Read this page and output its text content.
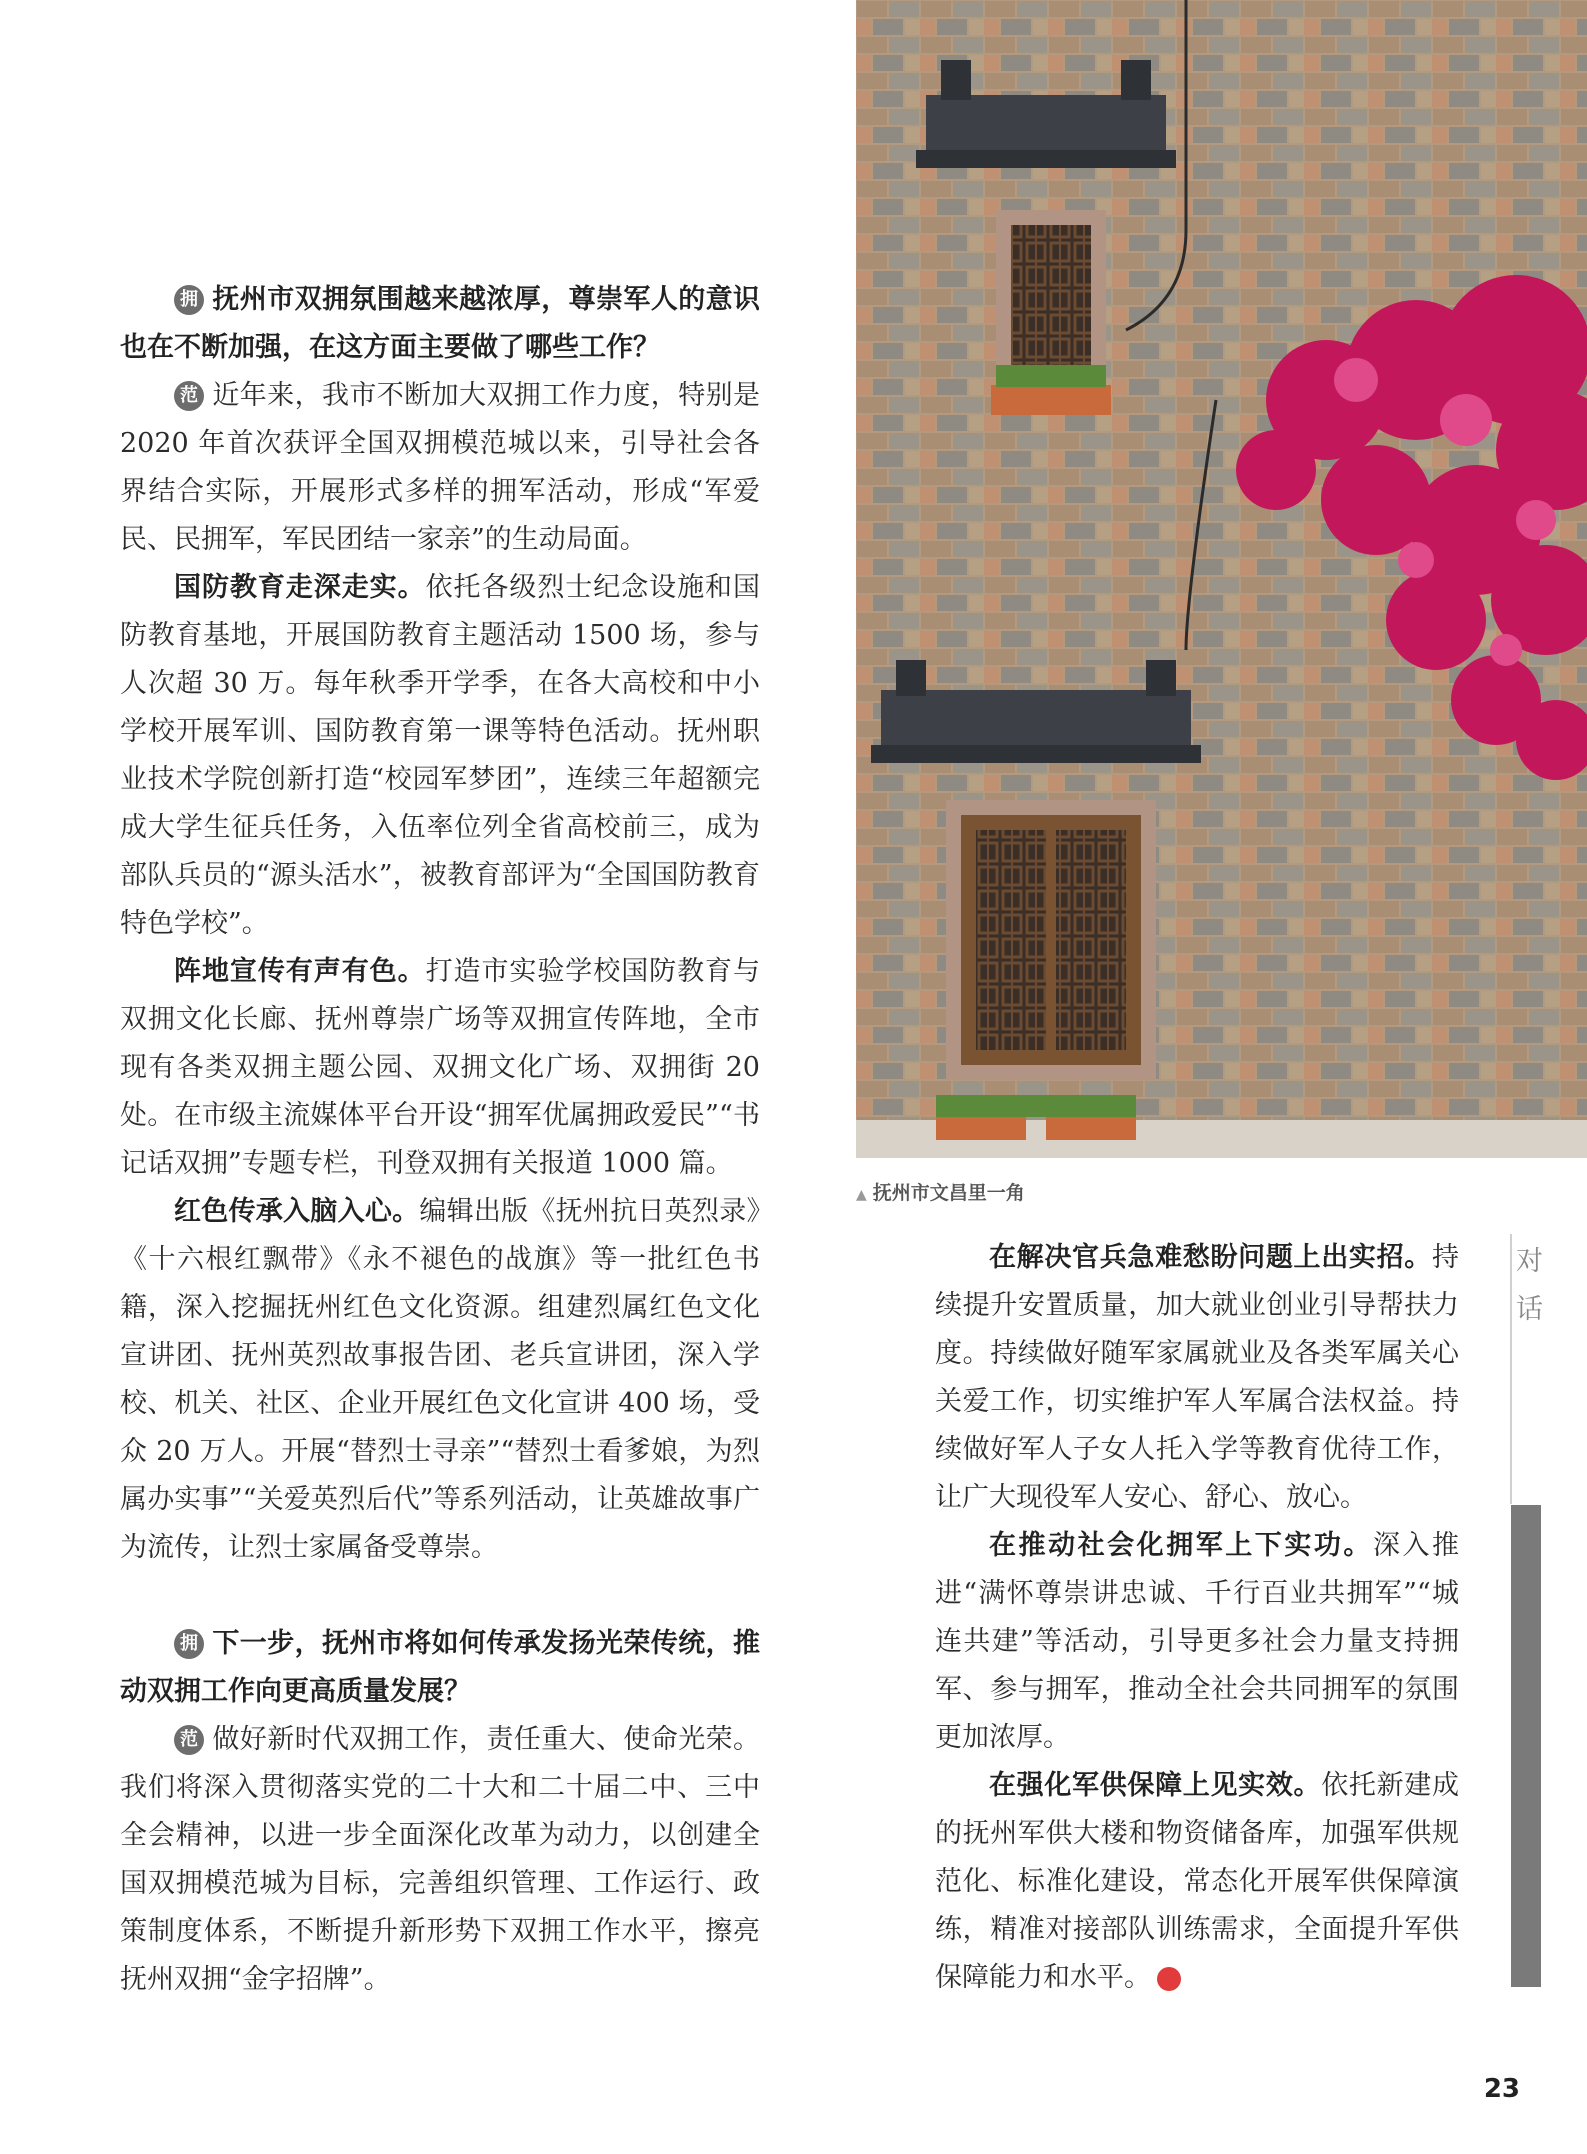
拥 抚州市双拥氛围越来越浓厚，尊崇军人的意识也在不断加强，在这方面主要做了哪些工作？

范 近年来，我市不断加大双拥工作力度，特别是2020 年首次获评全国双拥模范城以来，引导社会各界结合实际，开展形式多样的拥军活动，形成“军爱民、民拥军，军民团结一家亲”的生动局面。

国防教育走深走实。依托各级烈士纪念设施和国防教育基地，开展国防教育主题活动 1500 场，参与人次超 30 万。每年秋季开学季，在各大高校和中小学校开展军训、国防教育第一课等特色活动。抚州职业技术学院创新打造“校园军梦团”，连续三年超额完成大学生征兵任务，入伍率位列全省高校前三，成为部队兵员的“源头活水”，被教育部评为“全国国防教育特色学校”。

阵地宣传有声有色。打造市实验学校国防教育与双拥文化长廊、抚州尊崇广场等双拥宣传阵地，全市现有各类双拥主题公园、双拥文化广场、双拥街 20 处。在市级主流媒体平台开设“拥军优属拥政爱民”“书记话双拥”专题专栏，刊登双拥有关报道 1000 篇。

红色传承入脑入心。编辑出版《抚州抗日英烈录》《十六根红飘带》《永不褪色的战旗》等一批红色书籍，深入挖掘抚州红色文化资源。组建烈属红色文化宣讲团、抚州英烈故事报告团、老兵宣讲团，深入学校、机关、社区、企业开展红色文化宣讲 400 场，受众 20 万人。开展“替烈士寻亲”“替烈士看爹娘，为烈属办实事”“关爱英烈后代”等系列活动，让英雄故事广为流传，让烈士家属备受尊崇。

拥 下一步，抚州市将如何传承发扬光荣传统，推动双拥工作向更高质量发展？

范 做好新时代双拥工作，责任重大、使命光荣。我们将深入贯彻落实党的二十大和二十届二中、三中全会精神，以进一步全面深化改革为动力，以创建全国双拥模范城为目标，完善组织管理、工作运行、政策制度体系，不断提升新形势下双拥工作水平，擦亮抚州双拥“金字招牌”。

▲ 抚州市文昌里一角

在解决官兵急难愁盼问题上出实招。持续提升安置质量，加大就业创业引导帮扶力度。持续做好随军家属就业及各类军属关心关爱工作，切实维护军人军属合法权益。持续做好军人子女人托入学等教育优待工作，让广大现役军人安心、舒心、放心。

在推动社会化拥军上下实功。深入推进“满怀尊崇讲忠诚、千行百业共拥军”“城连共建”等活动，引导更多社会力量支持拥军、参与拥军，推动全社会共同拥军的氛围更加浓厚。

在强化军供保障上见实效。依托新建成的抚州军供大楼和物资储备库，加强军供规范化、标准化建设，常态化开展军供保障演练，精准对接部队训练需求，全面提升军供保障能力和水平。	N

对话
23
